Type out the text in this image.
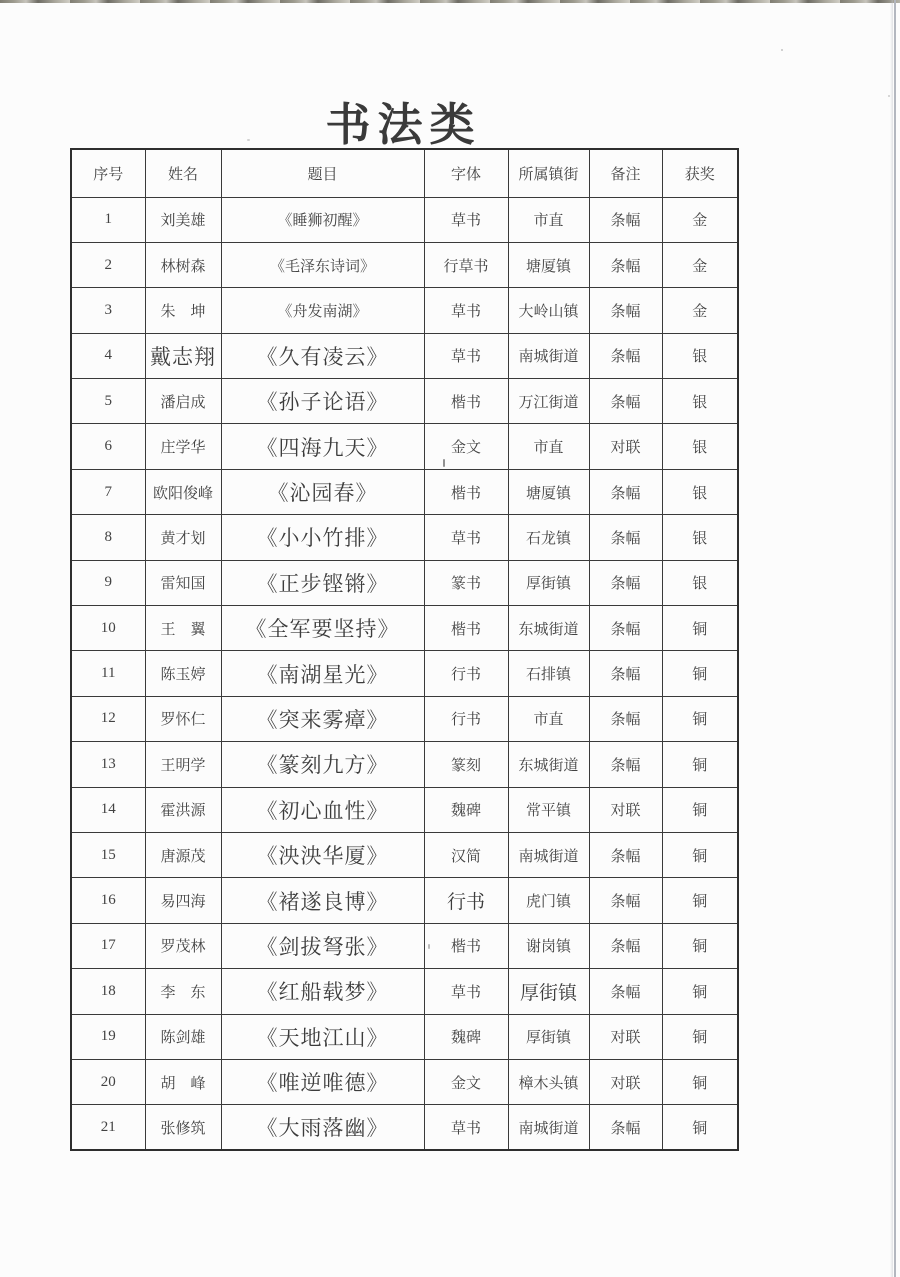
书法类
序号	姓名	题目	字体	所属镇街	备注	获奖
1	刘美雄	《睡狮初醒》	草书	市直	条幅	金
2	林树森	《毛泽东诗词》	行草书	塘厦镇	条幅	金
3	朱　坤	《舟发南湖》	草书	大岭山镇	条幅	金
4	戴志翔	《久有凌云》	草书	南城街道	条幅	银
5	潘启成	《孙子论语》	楷书	万江街道	条幅	银
6	庄学华	《四海九天》	金文	市直	对联	银
7	欧阳俊峰	《沁园春》	楷书	塘厦镇	条幅	银
8	黄才划	《小小竹排》	草书	石龙镇	条幅	银
9	雷知国	《正步铿锵》	篆书	厚街镇	条幅	银
10	王　翼	《全军要坚持》	楷书	东城街道	条幅	铜
11	陈玉婷	《南湖星光》	行书	石排镇	条幅	铜
12	罗怀仁	《突来雾瘴》	行书	市直	条幅	铜
13	王明学	《篆刻九方》	篆刻	东城街道	条幅	铜
14	霍洪源	《初心血性》	魏碑	常平镇	对联	铜
15	唐源茂	《泱泱华厦》	汉简	南城街道	条幅	铜
16	易四海	《褚遂良博》	行书	虎门镇	条幅	铜
17	罗茂林	《剑拔弩张》	楷书	谢岗镇	条幅	铜
18	李　东	《红船载梦》	草书	厚街镇	条幅	铜
19	陈剑雄	《天地江山》	魏碑	厚街镇	对联	铜
20	胡　峰	《唯逆唯德》	金文	樟木头镇	对联	铜
21	张修筑	《大雨落幽》	草书	南城街道	条幅	铜
